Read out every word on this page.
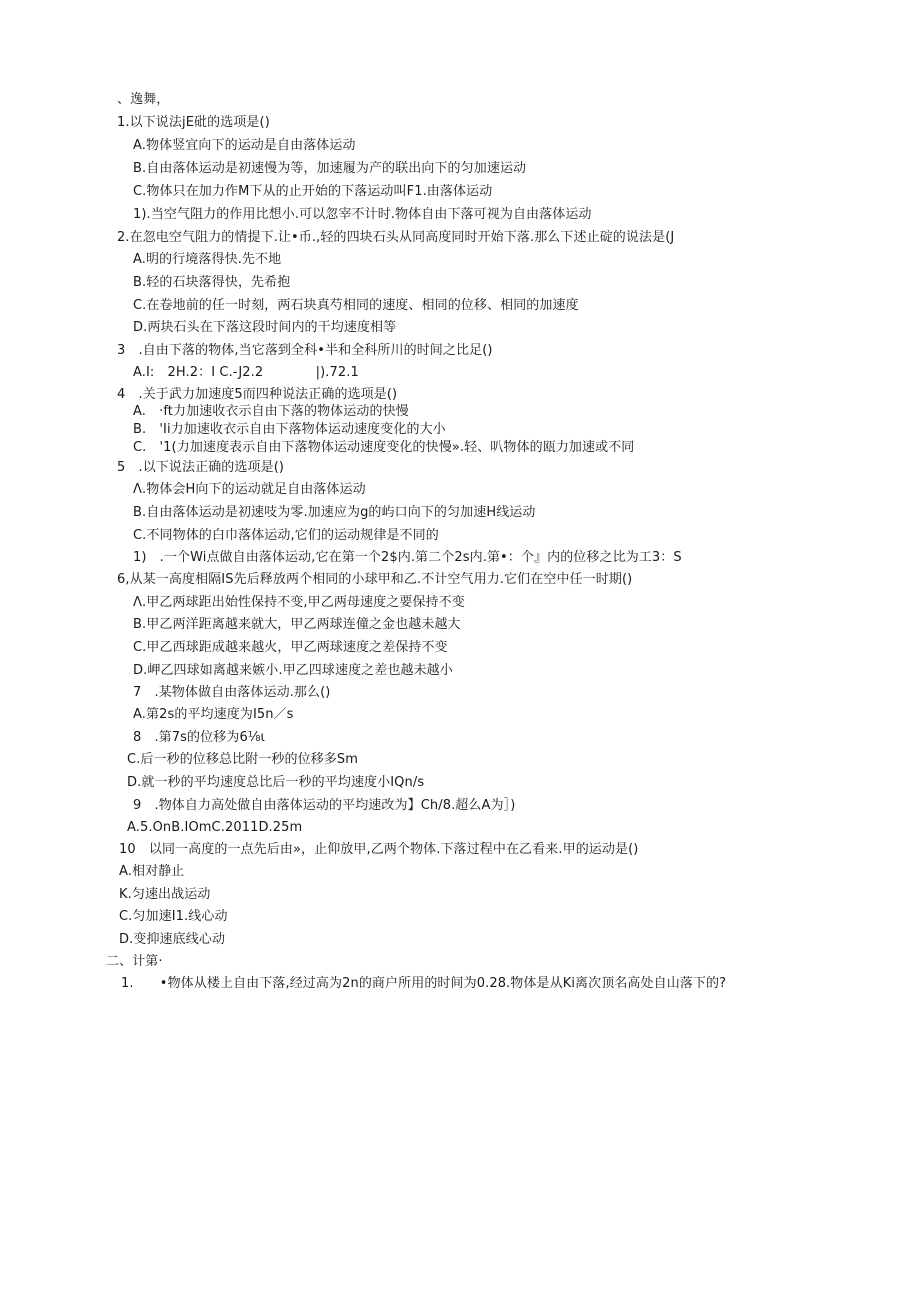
、逸舞，
1.以下说法jE砒的选项是()
A.物体竖宜向下的运动是自由落体运动
B.自由落体运动是初速慢为等，加速履为产的联出向下的匀加速运动
C.物体只在加力作M下从的止开始的下落运动叫F1.由落体运动
1).当空气阻力的作用比想小.可以忽宰不计时.物体自由下落可视为自由落体运动
2.在忽电空气阻力的情提下.让•币.,轻的四块石头从同高度同时开始下落.那么下述止碇的说法是(J
A.明的行境落得快.先不地
B.轻的石块落得快，先希抱
C.在卷地前的任一时刻，两石块真芍相同的速度、相同的位移、相同的加速度
D.两块石头在下落这段时间内的干均速度相等
3　.自由下落的物体,当它落到全科•半和全科所川的时间之比足()
A.I:　2H.2：I C.-J2.2　　　　|).72.1
4　.关于武力加速度5而四种说法正确的选项是()
A.　·ft力加速收衣示自由下落的物体运动的快慢
B.　'Ii力加速收衣示自由下落物体运动速度变化的大小
C.　'1(力加速度表示自由下落物体运动速度变化的快慢».轻、叭物体的瓯力加速或不同
5　.以下说法正确的选项是()
Λ.物体会H向下的运动就足自由落体运动
B.自由落体运动是初速吱为零.加速应为g的屿口向下的匀加速H线运动
C.不同物体的白巾落体运动,它们的运动规律是不同的
1)　.一个Wi点做自由落体运动,它在第一个2$内.第二个2s内.第•：个』内的位移之比为工3：S
6,从某一高度相隔IS先后释放两个相同的小球甲和乙.不计空气用力.它们在空中任一时期()
Λ.甲乙两球距出始性保持不变,甲乙两母速度之要保持不变
B.甲乙两洋距离越来就大，甲乙两球连僮之金也越未越大
C.甲乙西球距成越来越火，甲乙两球速度之差保持不变
D.岬乙四球如离越来嫉小.甲乙四球速度之差也越未越小
7　.某物体做自由落体运动.那么()
A.第2s的平均速度为I5n／s
8　.第7s的位移为6⅛ι
C.后一秒的位移总比附一秒的位移多Sm
D.就一秒的平均速度总比后一秒的平均速度小IQn/s
9　.物体自力高处做自由落体运动的平均速改为】Ch/8.超么A为］)
A.5.OnB.IOmC.2011D.25m
10　以同一高度的一点先后由»，止仰放甲,乙两个物体.下落过程中在乙看来.甲的运动是()
A.相对静止
K.匀速出战运动
C.匀加速I1.线心动
D.变抑速底线心动
二、计第·
1.　　•物体从楼上自由下落,经过高为2n的商户所用的时间为0.28.物体是从Ki离次顶名高处自山落下的?
